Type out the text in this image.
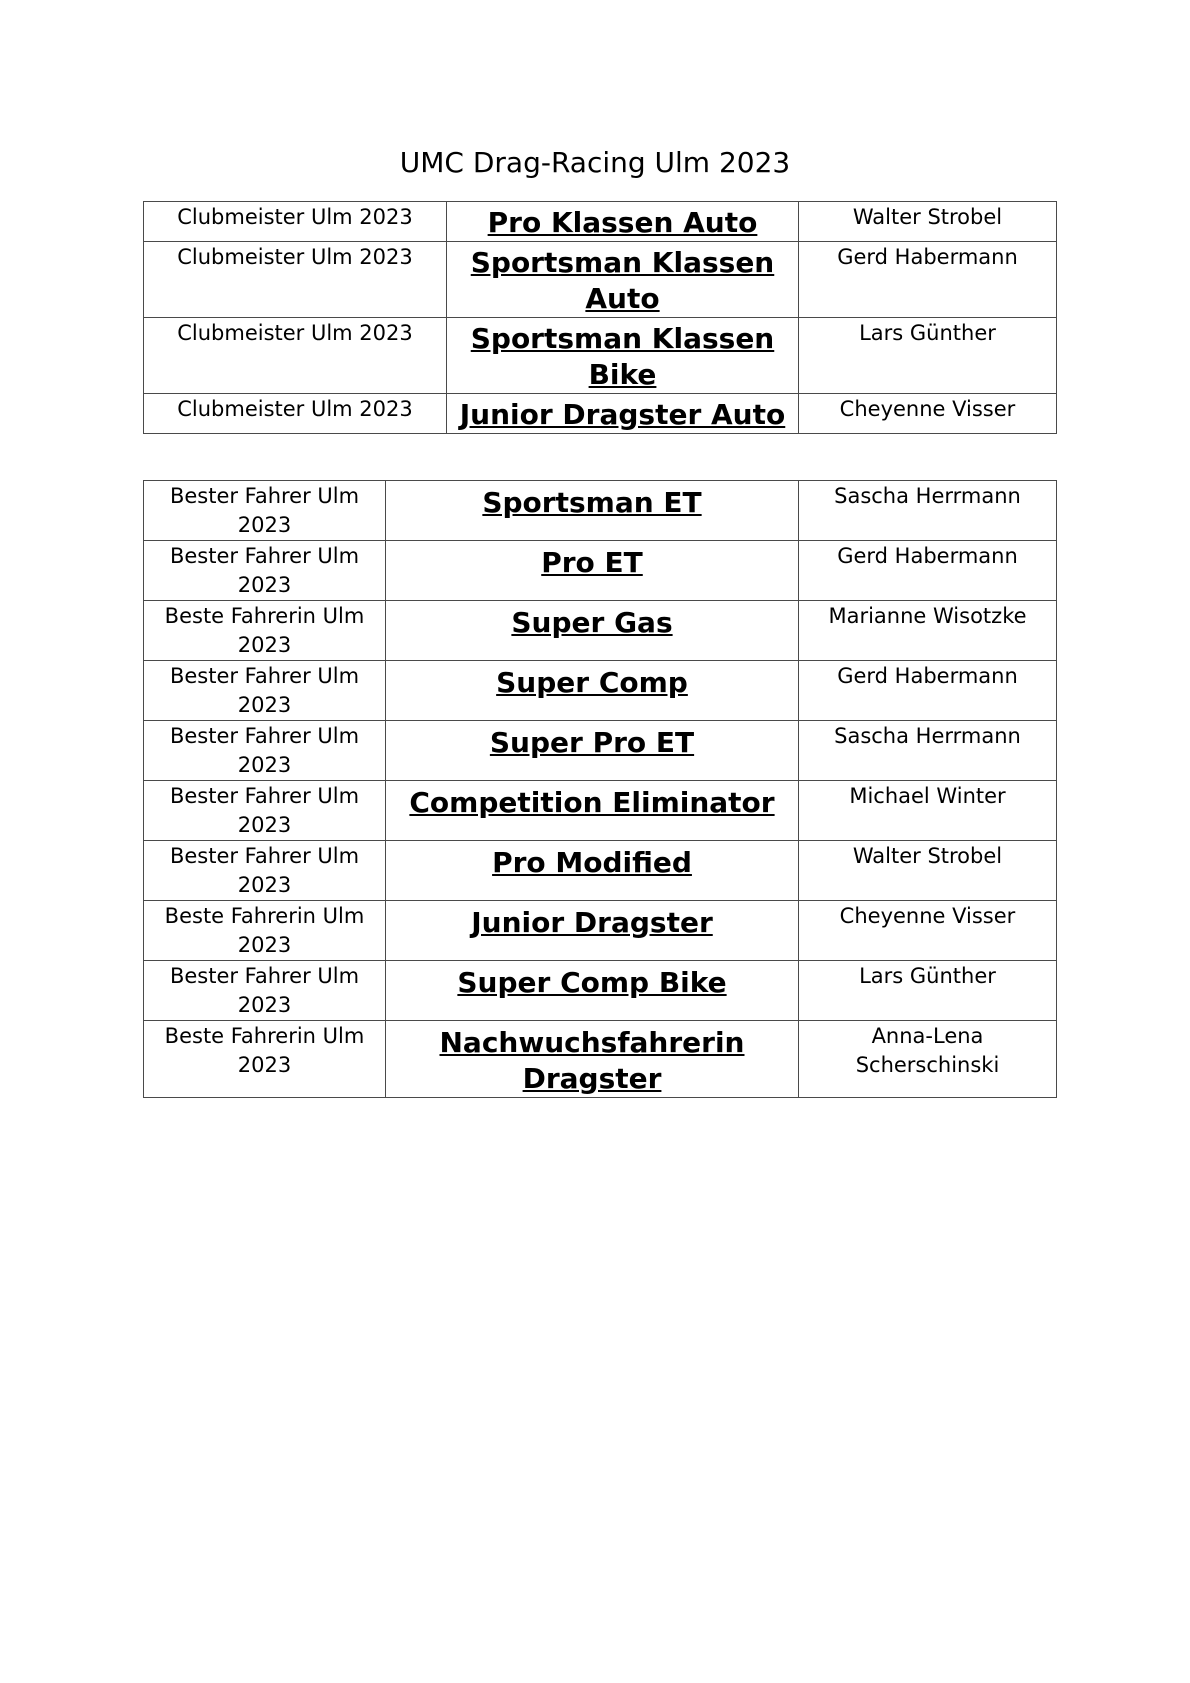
UMC Drag-Racing Ulm 2023
Clubmeister Ulm 2023	Pro Klassen Auto	Walter Strobel
Clubmeister Ulm 2023	Sportsman Klassen Auto	Gerd Habermann
Clubmeister Ulm 2023	Sportsman Klassen Bike	Lars Günther
Clubmeister Ulm 2023	Junior Dragster Auto	Cheyenne Visser
Bester Fahrer Ulm 2023	Sportsman ET	Sascha Herrmann
Bester Fahrer Ulm 2023	Pro ET	Gerd Habermann
Beste Fahrerin Ulm 2023	Super Gas	Marianne Wisotzke
Bester Fahrer Ulm 2023	Super Comp	Gerd Habermann
Bester Fahrer Ulm 2023	Super Pro ET	Sascha Herrmann
Bester Fahrer Ulm 2023	Competition Eliminator	Michael Winter
Bester Fahrer Ulm 2023	Pro Modified	Walter Strobel
Beste Fahrerin Ulm 2023	Junior Dragster	Cheyenne Visser
Bester Fahrer Ulm 2023	Super Comp Bike	Lars Günther
Beste Fahrerin Ulm 2023	Nachwuchsfahrerin Dragster	Anna-Lena Scherschinski
